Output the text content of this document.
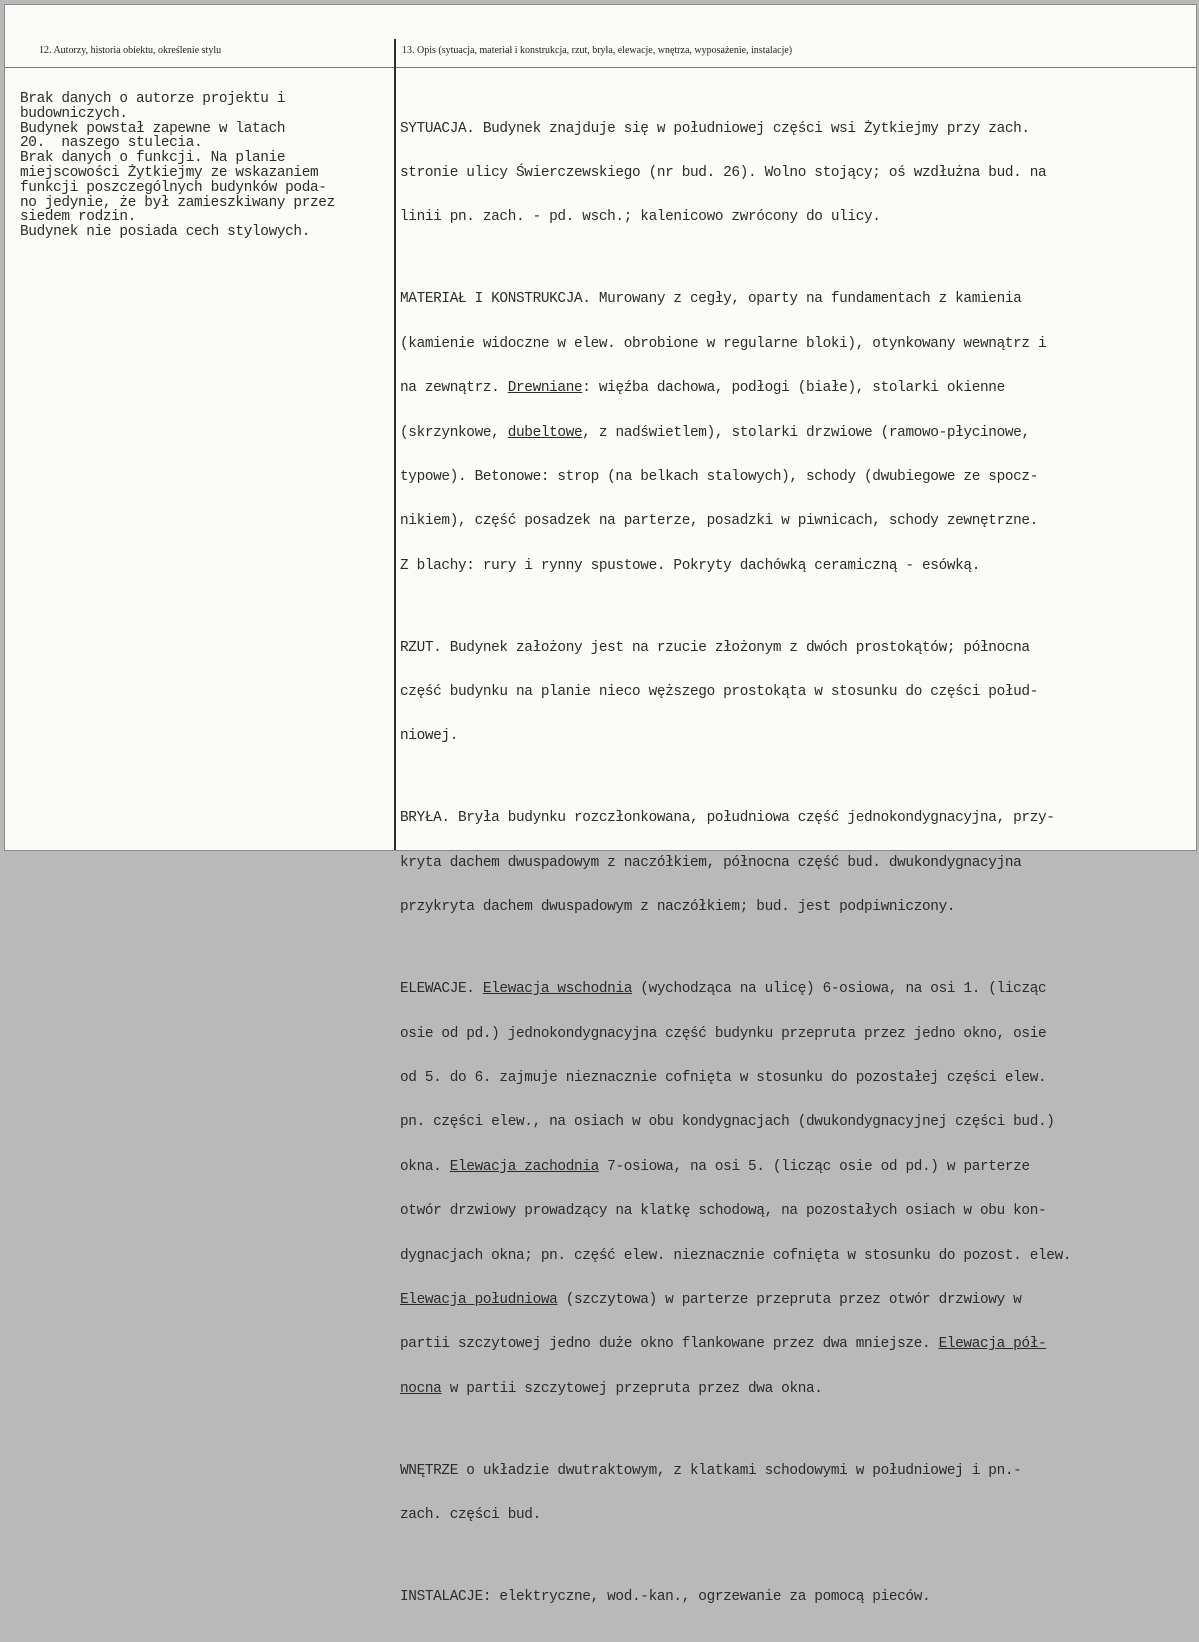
12. Autorzy, historia obiektu, określenie stylu	13. Opis (sytuacja, materiał i konstrukcja, rzut, bryła, elewacje, wnętrza, wyposażenie, instalacje)
Brak danych o autorze projektu i
budowniczych.
Budynek powstał zapewne w latach
20.  naszego stulecia.
Brak danych o funkcji. Na planie
miejscowości Żytkiejmy ze wskazaniem
funkcji poszczególnych budynków poda-
no jedynie, że był zamieszkiwany przez
siedem rodzin.
Budynek nie posiada cech stylowych.

SYTUACJA. Budynek znajduje się w południowej części wsi Żytkiejmy przy zach.

stronie ulicy Świerczewskiego (nr bud. 26). Wolno stojący; oś wzdłużna bud. na

linii pn. zach. - pd. wsch.; kalenicowo zwrócony do ulicy.

MATERIAŁ I KONSTRUKCJA. Murowany z cegły, oparty na fundamentach z kamienia

(kamienie widoczne w elew. obrobione w regularne bloki), otynkowany wewnątrz i

na zewnątrz. Drewniane: więźba dachowa, podłogi (białe), stolarki okienne

(skrzynkowe, dubeltowe, z nadświetlem), stolarki drzwiowe (ramowo-płycinowe,

typowe). Betonowe: strop (na belkach stalowych), schody (dwubiegowe ze spocz-

nikiem), część posadzek na parterze, posadzki w piwnicach, schody zewnętrzne.

Z blachy: rury i rynny spustowe. Pokryty dachówką ceramiczną - esówką.

RZUT. Budynek założony jest na rzucie złożonym z dwóch prostokątów; północna

część budynku na planie nieco węższego prostokąta w stosunku do części połud-

niowej.

BRYŁA. Bryła budynku rozczłonkowana, południowa część jednokondygnacyjna, przy-

kryta dachem dwuspadowym z naczółkiem, północna część bud. dwukondygnacyjna

przykryta dachem dwuspadowym z naczółkiem; bud. jest podpiwniczony.

ELEWACJE. Elewacja wschodnia (wychodząca na ulicę) 6-osiowa, na osi 1. (licząc

osie od pd.) jednokondygnacyjna część budynku przepruta przez jedno okno, osie

od 5. do 6. zajmuje nieznacznie cofnięta w stosunku do pozostałej części elew.

pn. części elew., na osiach w obu kondygnacjach (dwukondygnacyjnej części bud.)

okna. Elewacja zachodnia 7-osiowa, na osi 5. (licząc osie od pd.) w parterze

otwór drzwiowy prowadzący na klatkę schodową, na pozostałych osiach w obu kon-

dygnacjach okna; pn. część elew. nieznacznie cofnięta w stosunku do pozost. elew.

Elewacja południowa (szczytowa) w parterze przepruta przez otwór drzwiowy w

partii szczytowej jedno duże okno flankowane przez dwa mniejsze. Elewacja pół-

nocna w partii szczytowej przepruta przez dwa okna.

WNĘTRZE o układzie dwutraktowym, z klatkami schodowymi w południowej i pn.-

zach. części bud.

INSTALACJE: elektryczne, wod.-kan., ogrzewanie za pomocą pieców.
